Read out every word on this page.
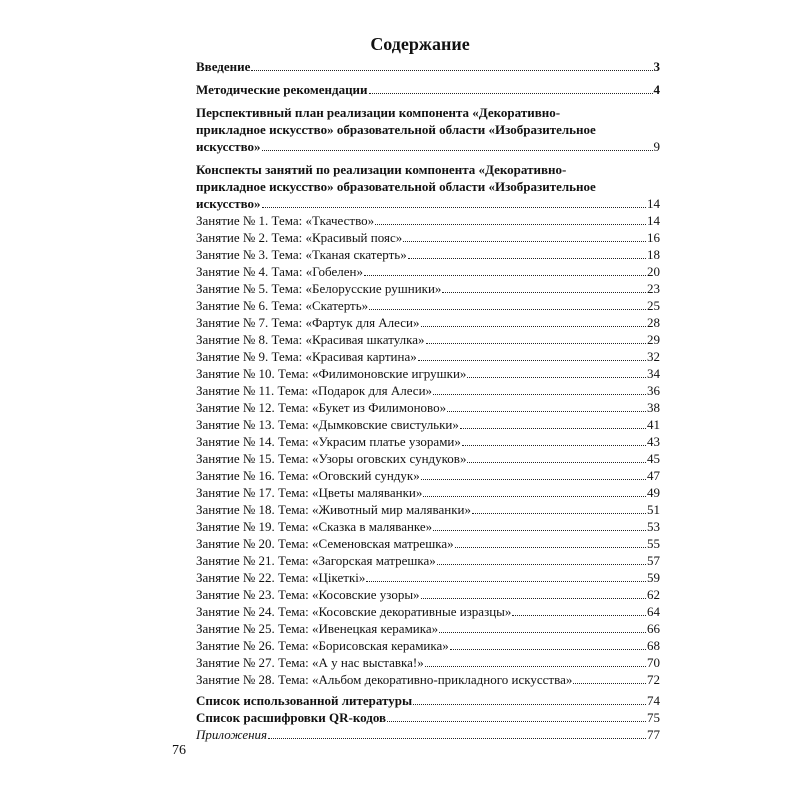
Содержание
Введение	3
Методические рекомендации	4
Перспективный план реализации компонента «Декоративно-
прикладное искусство» образовательной области «Изобразительное
искусство»	9
Конспекты занятий по реализации компонента «Декоративно-
прикладное искусство» образовательной области «Изобразительное
искусство»	14
Занятие № 1. Тема: «Ткачество»	14
Занятие № 2. Тема: «Красивый пояс»	16
Занятие № 3. Тема: «Тканая скатерть»	18
Занятие № 4. Тама: «Гобелен»	20
Занятие № 5. Тема: «Белорусские рушники»	23
Занятие № 6. Тема: «Скатерть»	25
Занятие № 7. Тема: «Фартук для Алеси»	28
Занятие № 8. Тема: «Красивая шкатулка»	29
Занятие № 9. Тема: «Красивая картина»	32
Занятие № 10. Тема: «Филимоновские игрушки»	34
Занятие № 11. Тема: «Подарок для Алеси»	36
Занятие № 12. Тема: «Букет из Филимоново»	38
Занятие № 13. Тема: «Дымковские свистульки»	41
Занятие № 14. Тема: «Украсим платье узорами»	43
Занятие № 15. Тема: «Узоры оговских сундуков»	45
Занятие № 16. Тема: «Оговский сундук»	47
Занятие № 17. Тема: «Цветы маляванки»	49
Занятие № 18. Тема: «Животный мир маляванки»	51
Занятие № 19. Тема: «Сказка в маляванке»	53
Занятие № 20. Тема: «Семеновская матрешка»	55
Занятие № 21. Тема: «Загорская матрешка»	57
Занятие № 22. Тема: «Цікеткі»	59
Занятие № 23. Тема: «Косовские узоры»	62
Занятие № 24. Тема: «Косовские декоративные изразцы»	64
Занятие № 25. Тема: «Ивенецкая керамика»	66
Занятие № 26. Тема: «Борисовская керамика»	68
Занятие № 27. Тема: «А у нас выставка!»	70
Занятие № 28. Тема: «Альбом декоративно-прикладного искусства»	72
Список использованной литературы	74
Список расшифровки QR-кодов	75
Приложения	77
76
